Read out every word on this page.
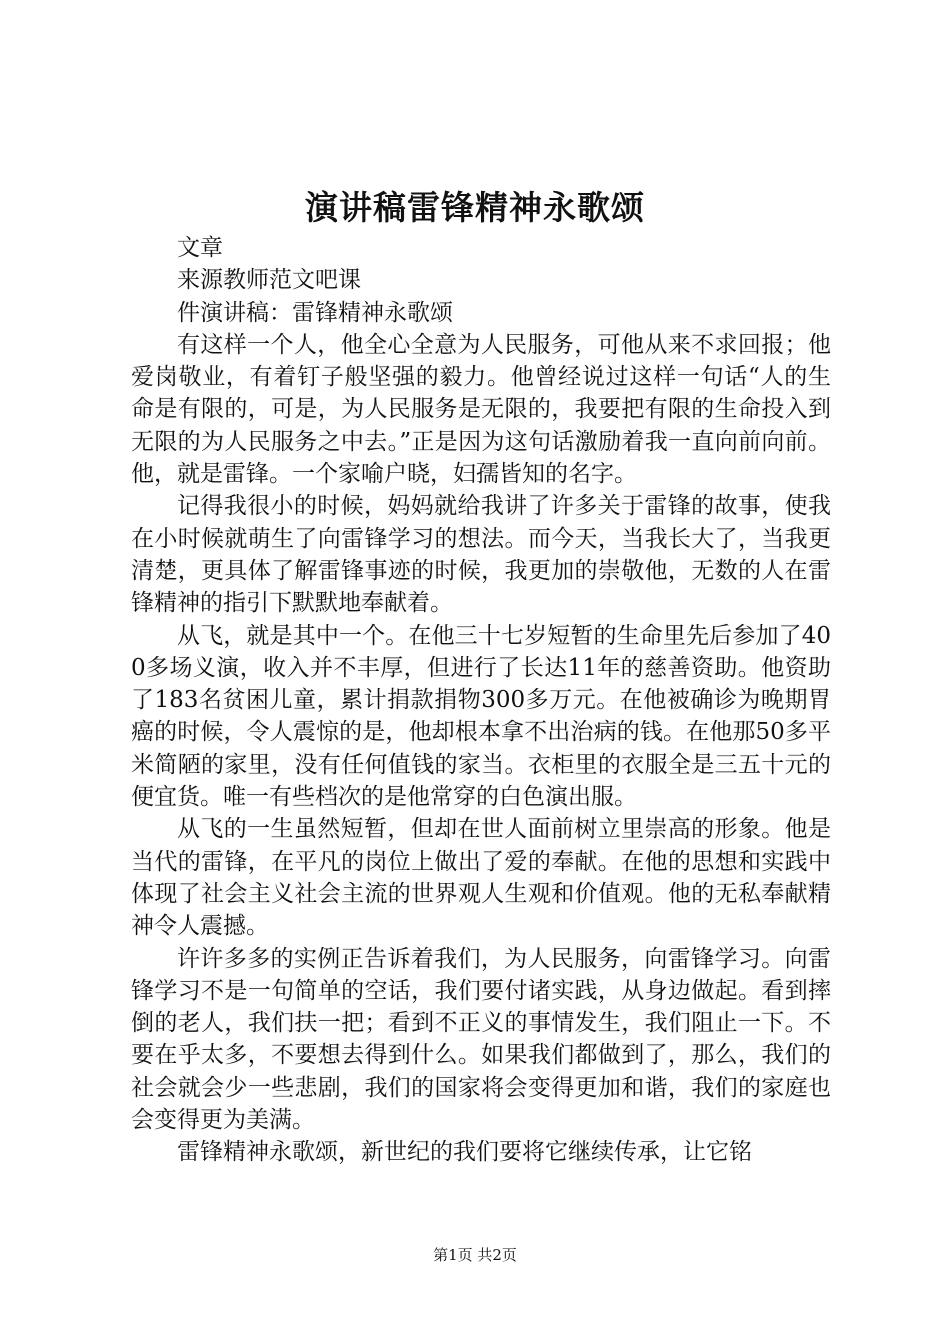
演讲稿雷锋精神永歌颂

文章

来源教师范文吧课

件演讲稿：雷锋精神永歌颂

有这样一个人，他全心全意为人民服务，可他从来不求回报；他爱岗敬业，有着钉子般坚强的毅力。他曾经说过这样一句话“人的生命是有限的，可是，为人民服务是无限的，我要把有限的生命投入到无限的为人民服务之中去。”正是因为这句话激励着我一直向前向前。他，就是雷锋。一个家喻户晓，妇孺皆知的名字。

记得我很小的时候，妈妈就给我讲了许多关于雷锋的故事，使我在小时候就萌生了向雷锋学习的想法。而今天，当我长大了，当我更清楚，更具体了解雷锋事迹的时候，我更加的崇敬他，无数的人在雷锋精神的指引下默默地奉献着。

从飞，就是其中一个。在他三十七岁短暂的生命里先后参加了400多场义演，收入并不丰厚，但进行了长达11年的慈善资助。他资助了183名贫困儿童，累计捐款捐物300多万元。在他被确诊为晚期胃癌的时候，令人震惊的是，他却根本拿不出治病的钱。在他那50多平米简陋的家里，没有任何值钱的家当。衣柜里的衣服全是三五十元的便宜货。唯一有些档次的是他常穿的白色演出服。

从飞的一生虽然短暂，但却在世人面前树立里崇高的形象。他是当代的雷锋，在平凡的岗位上做出了爱的奉献。在他的思想和实践中体现了社会主义社会主流的世界观人生观和价值观。他的无私奉献精神令人震撼。

许许多多的实例正告诉着我们，为人民服务，向雷锋学习。向雷锋学习不是一句简单的空话，我们要付诸实践，从身边做起。看到摔倒的老人，我们扶一把；看到不正义的事情发生，我们阻止一下。不要在乎太多，不要想去得到什么。如果我们都做到了，那么，我们的社会就会少一些悲剧，我们的国家将会变得更加和谐，我们的家庭也会变得更为美满。

雷锋精神永歌颂，新世纪的我们要将它继续传承，让它铭

第1页 共2页
